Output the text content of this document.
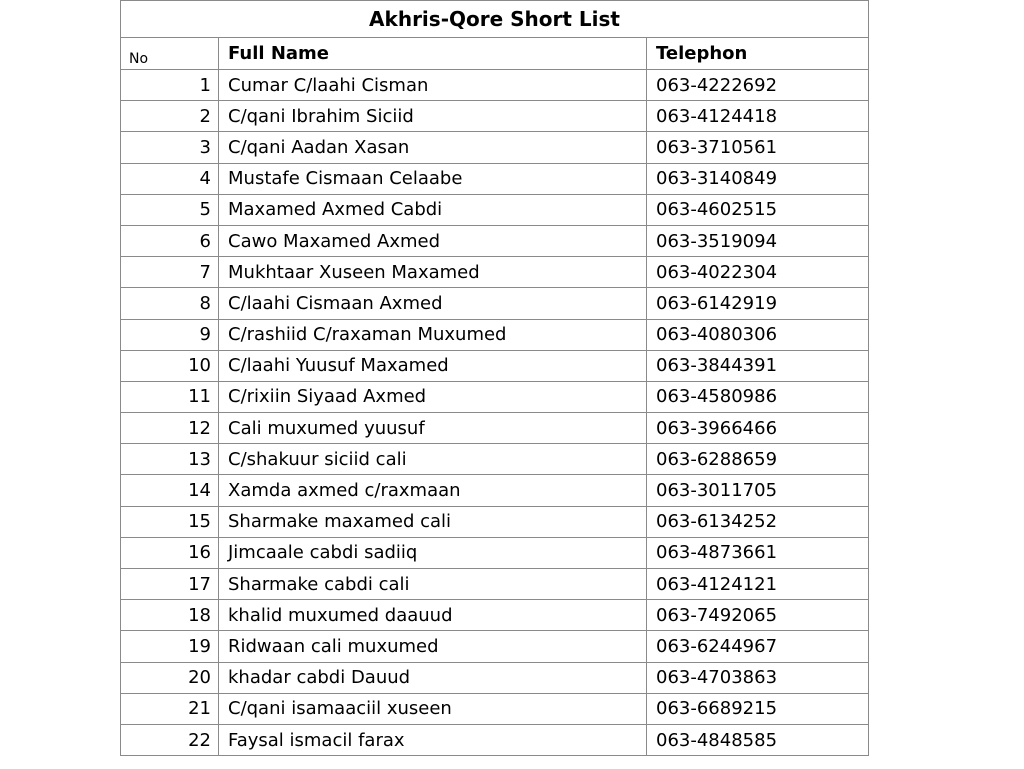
Akhris-Qore Short List		
No	Full Name	Telephon
1	Cumar C/laahi Cisman	063-4222692
2	C/qani Ibrahim Siciid	063-4124418
3	C/qani Aadan Xasan	063-3710561
4	Mustafe Cismaan Celaabe	063-3140849
5	Maxamed Axmed Cabdi	063-4602515
6	Cawo Maxamed Axmed	063-3519094
7	Mukhtaar Xuseen Maxamed	063-4022304
8	C/laahi Cismaan Axmed	063-6142919
9	C/rashiid C/raxaman Muxumed	063-4080306
10	C/laahi Yuusuf Maxamed	063-3844391
11	C/rixiin Siyaad Axmed	063-4580986
12	Cali muxumed yuusuf	063-3966466
13	C/shakuur siciid cali	063-6288659
14	Xamda axmed c/raxmaan	063-3011705
15	Sharmake maxamed cali	063-6134252
16	Jimcaale cabdi sadiiq	063-4873661
17	Sharmake cabdi cali	063-4124121
18	khalid muxumed daauud	063-7492065
19	Ridwaan cali muxumed	063-6244967
20	khadar cabdi Dauud	063-4703863
21	C/qani isamaaciil xuseen	063-6689215
22	Faysal ismacil farax	063-4848585
